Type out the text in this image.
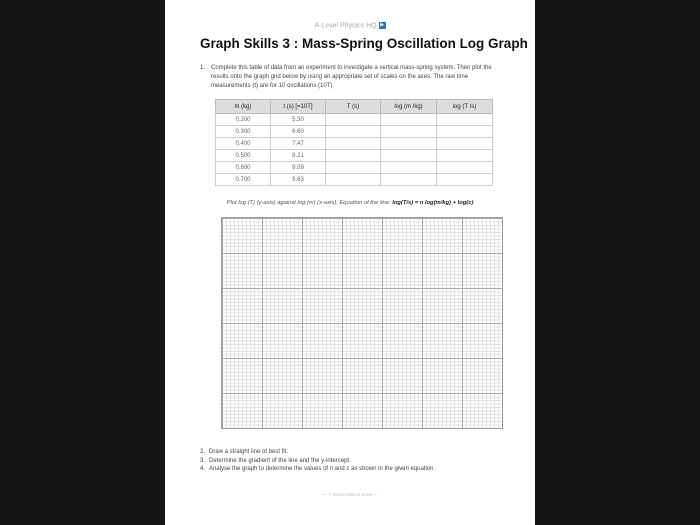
A-Level Physics HQ ▶
Graph Skills 3 : Mass-Spring Oscillation Log Graph
1. Complete this table of data from an experiment to investigate a vertical mass-spring system. Then plot the results onto the graph grid below by using an appropriate set of scales on the axes. The raw time measurements (t) are for 10 oscillations (10T).
m (kg)	t (s) [=10T]	T (s)	log (m /kg)	log (T /s)
0.200	5.30			
0.300	6.60			
0.400	7.47			
0.500	8.21			
0.600	9.09			
0.700	9.63			
Plot log (T) (y-axis) against log (m) (x-axis). Equation of the line: log(T/s) = n log(m/kg) + log(c)
2. Draw a straight line of best fit.
3. Determine the gradient of the line and the y-intercept.
4. Analyse the graph to determine the values of n and c as shown in the given equation.
— © Daniel Wilson 2019 —
